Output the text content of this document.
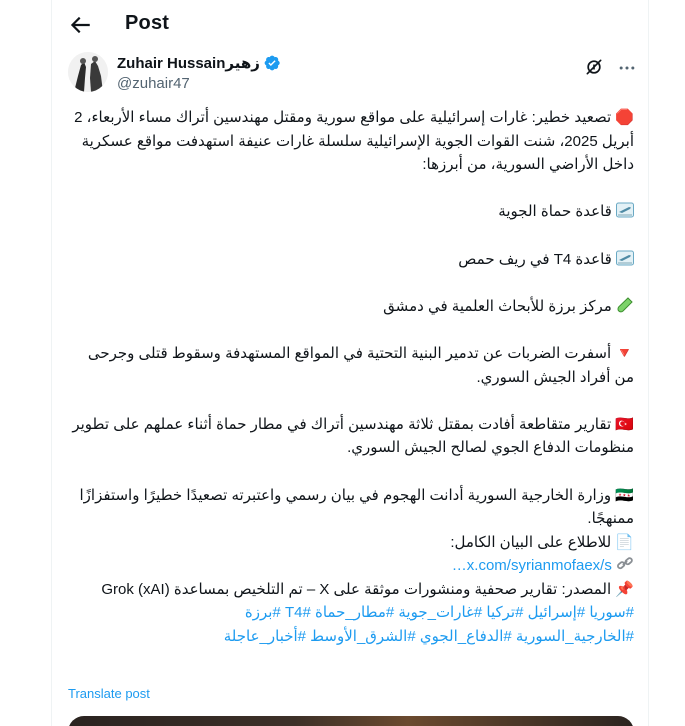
Post
Zuhair Hussainزهير
@zuhair47

🛑 تصعيد خطير: غارات إسرائيلية على مواقع سورية ومقتل مهندسين أتراك مساء الأربعاء، 2 أبريل 2025، شنت القوات الجوية الإسرائيلية سلسلة غارات عنيفة استهدفت مواقع عسكرية داخل الأراضي السورية، من أبرزها:

قاعدة حماة الجوية

قاعدة T4 في ريف حمص

مركز برزة للأبحاث العلمية في دمشق

🔻 أسفرت الضربات عن تدمير البنية التحتية في المواقع المستهدفة وسقوط قتلى وجرحى من أفراد الجيش السوري.

🇹🇷 تقارير متقاطعة أفادت بمقتل ثلاثة مهندسين أتراك في مطار حماة أثناء عملهم على تطوير منظومات الدفاع الجوي لصالح الجيش السوري.

🇸🇾 وزارة الخارجية السورية أدانت الهجوم في بيان رسمي واعتبرته تصعيدًا خطيرًا واستفزازًا ممنهجًا.

📄 للاطلاع على البيان الكامل:

x.com/syrianmofaex/s…

📌 المصدر: تقارير صحفية ومنشورات موثقة على X – تم التلخيص بمساعدة Grok (xAI)

#سوريا #إسرائيل #تركيا #غارات_جوية #مطار_حماة #T4 #برزة

#الخارجية_السورية #الدفاع_الجوي #الشرق_الأوسط #أخبار_عاجلة

Translate post
